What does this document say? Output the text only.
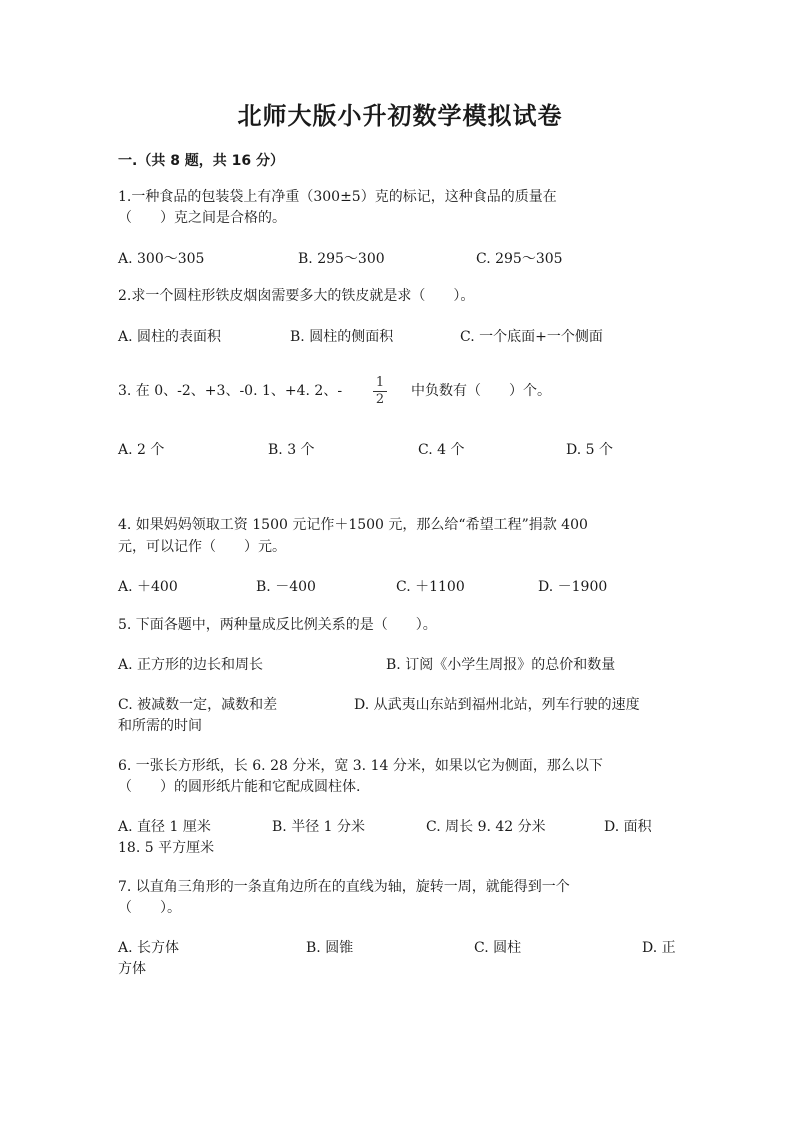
北师大版小升初数学模拟试卷
一.（共 8 题，共 16 分）
1.一种食品的包装袋上有净重（300±5）克的标记，这种食品的质量在
（　　）克之间是合格的。
A. 300～305	B. 295～300	C. 295～305
2.求一个圆柱形铁皮烟囱需要多大的铁皮就是求（　　）。
A. 圆柱的表面积	B. 圆柱的侧面积	C. 一个底面+一个侧面
3. 在 0、-2、+3、-0. 1、+4. 2、-
1
2
中负数有（　　）个。
A. 2 个	B. 3 个	C. 4 个	D. 5 个
4. 如果妈妈领取工资 1500 元记作＋1500 元，那么给“希望工程”捐款 400
元，可以记作（　　）元。
A. ＋400	B. －400	C. ＋1100	D. －1900
5. 下面各题中，两种量成反比例关系的是（　　）。
A. 正方形的边长和周长	B. 订阅《小学生周报》的总价和数量
C. 被减数一定，减数和差	D. 从武夷山东站到福州北站，列车行驶的速度
和所需的时间
6. 一张长方形纸，长 6. 28 分米，宽 3. 14 分米，如果以它为侧面，那么以下
（　　）的圆形纸片能和它配成圆柱体.
A. 直径 1 厘米	B. 半径 1 分米	C. 周长 9. 42 分米	D. 面积
18. 5 平方厘米
7. 以直角三角形的一条直角边所在的直线为轴，旋转一周，就能得到一个
（　　）。
A. 长方体	B. 圆锥	C. 圆柱	D. 正
方体
